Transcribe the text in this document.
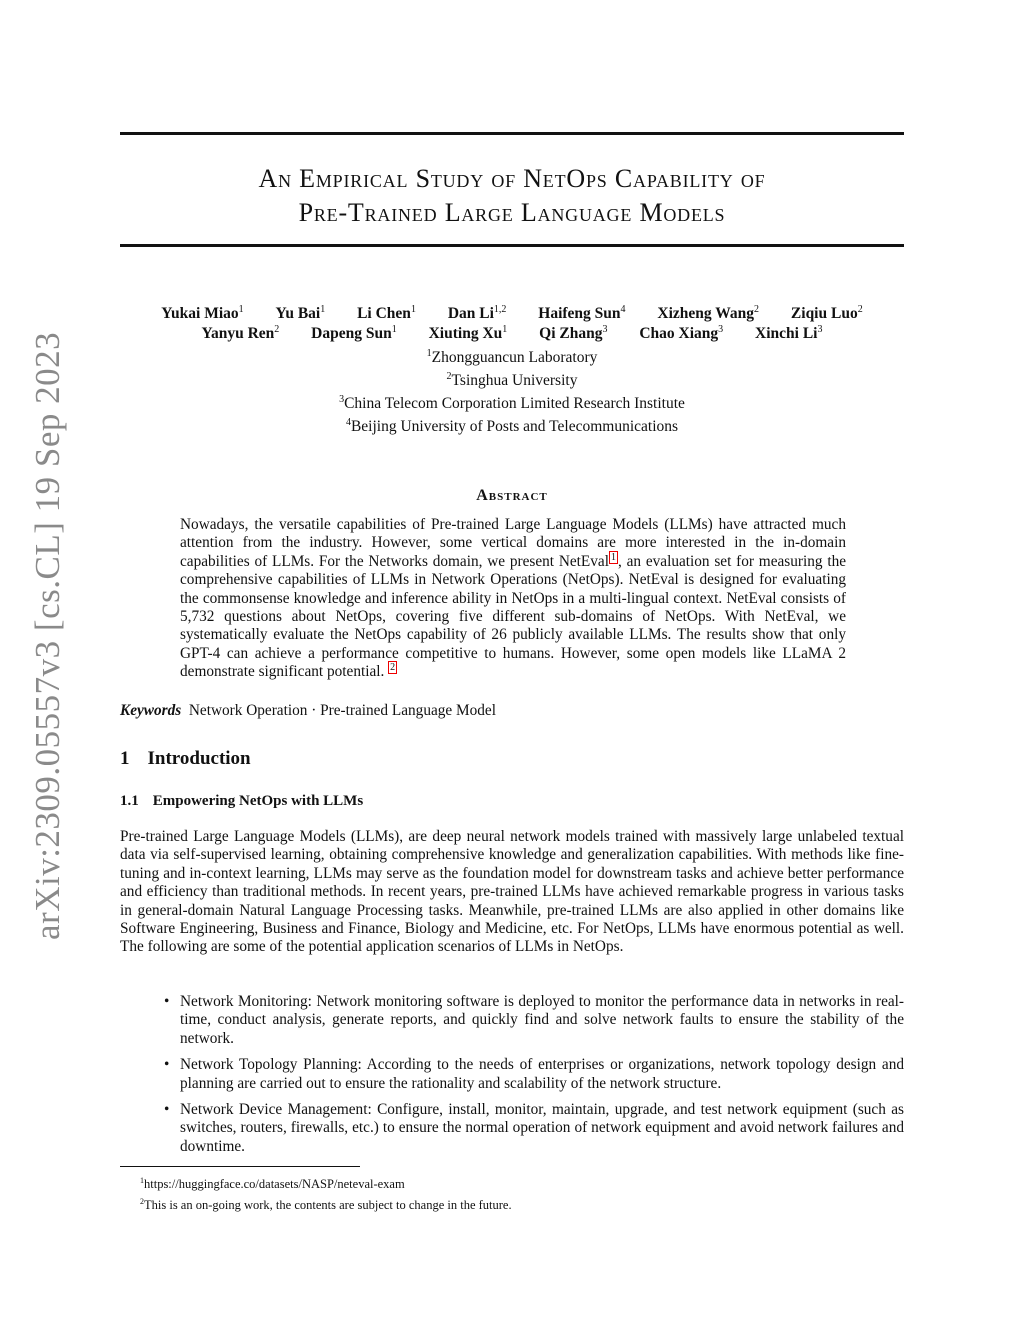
arXiv:2309.05557v3 [cs.CL] 19 Sep 2023
An Empirical Study of NetOps Capability of
Pre-Trained Large Language Models
Yukai Miao$^1$ Yu Bai$^1$ Li Chen$^1$ Dan Li$^{1,2}$ Haifeng Sun$^4$ Xizheng Wang$^2$ Ziqiu Luo$^2$
Yanyu Ren$^2$ Dapeng Sun$^1$ Xiuting Xu$^1$ Qi Zhang$^3$ Chao Xiang$^3$ Xinchi Li$^3$
$^1$Zhongguancun Laboratory
$^2$Tsinghua University
$^3$China Telecom Corporation Limited Research Institute
$^4$Beijing University of Posts and Telecommunications
Abstract
Nowadays, the versatile capabilities of Pre-trained Large Language Models (LLMs) have attracted much attention from the industry. However, some vertical domains are more interested in the in-domain capabilities of LLMs. For the Networks domain, we present NetEval $^1$ , an evaluation set for measuring the comprehensive capabilities of LLMs in Network Operations (NetOps). NetEval is designed for evaluating the commonsense knowledge and inference ability in NetOps in a multi-lingual context. NetEval consists of 5,732 questions about NetOps, covering five different sub-domains of NetOps. With NetEval, we systematically evaluate the NetOps capability of 26 publicly available LLMs. The results show that only GPT-4 can achieve a performance competitive to humans. However, some open models like LLaMA 2 demonstrate significant potential. $^2$
Keywords Network Operation · Pre-trained Language Model
1 Introduction
1.1 Empowering NetOps with LLMs
Pre-trained Large Language Models (LLMs), are deep neural network models trained with massively large unlabeled textual data via self-supervised learning, obtaining comprehensive knowledge and generalization capabilities. With methods like fine-tuning and in-context learning, LLMs may serve as the foundation model for downstream tasks and achieve better performance and efficiency than traditional methods. In recent years, pre-trained LLMs have achieved remarkable progress in various tasks in general-domain Natural Language Processing tasks. Meanwhile, pre-trained LLMs are also applied in other domains like Software Engineering, Business and Finance, Biology and Medicine, etc. For NetOps, LLMs have enormous potential as well. The following are some of the potential application scenarios of LLMs in NetOps.
• Network Monitoring: Network monitoring software is deployed to monitor the performance data in networks in real-time, conduct analysis, generate reports, and quickly find and solve network faults to ensure the stability of the network.
• Network Topology Planning: According to the needs of enterprises or organizations, network topology design and planning are carried out to ensure the rationality and scalability of the network structure.
• Network Device Management: Configure, install, monitor, maintain, upgrade, and test network equipment (such as switches, routers, firewalls, etc.) to ensure the normal operation of network equipment and avoid network failures and downtime.
$^1$https://huggingface.co/datasets/NASP/neteval-exam
$^2$This is an on-going work, the contents are subject to change in the future.
